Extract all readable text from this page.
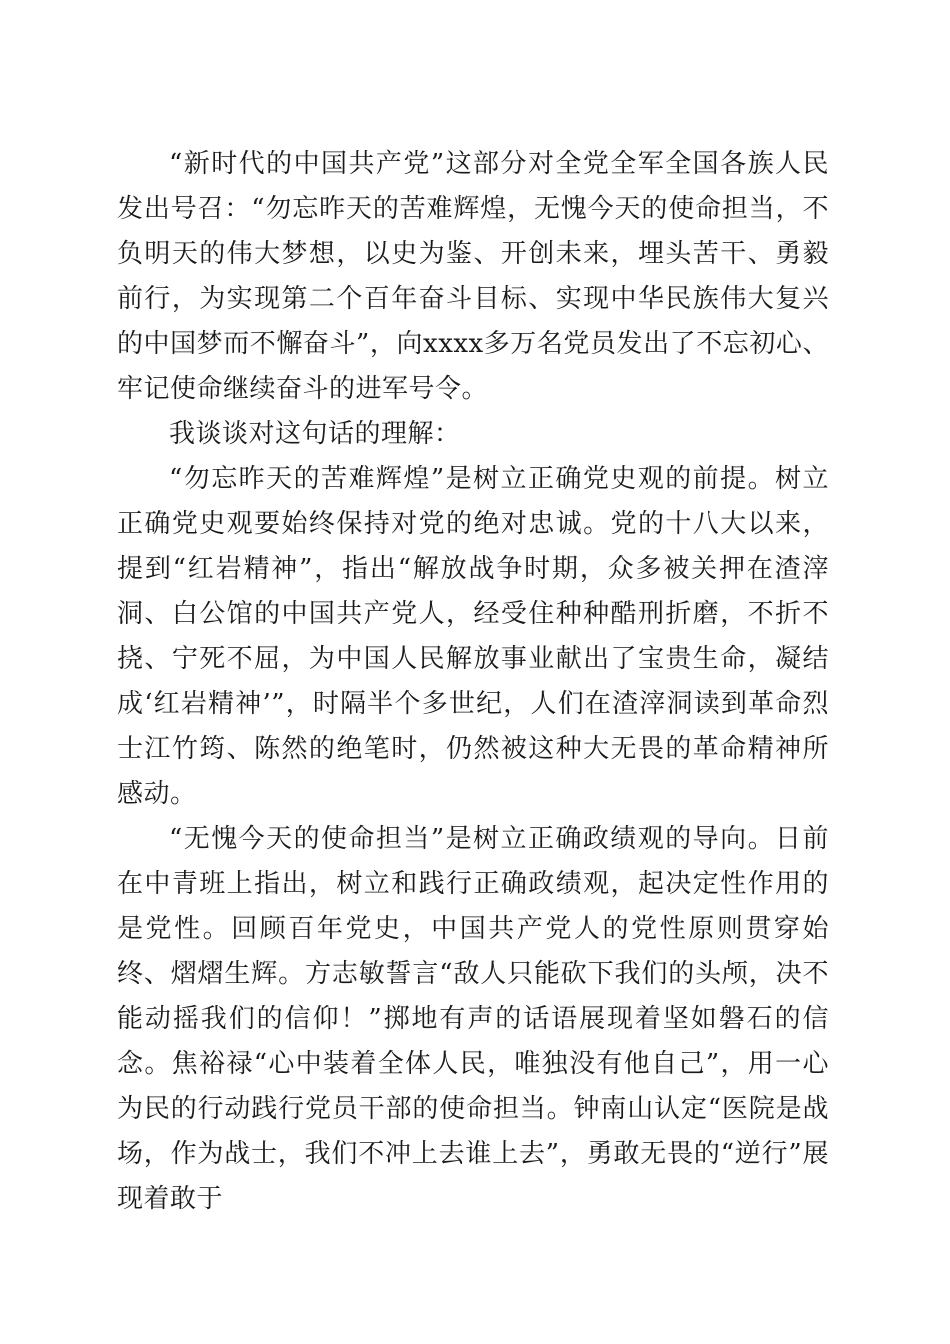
“新时代的中国共产党”这部分对全党全军全国各族人民发出号召：“勿忘昨天的苦难辉煌，无愧今天的使命担当，不负明天的伟大梦想，以史为鉴、开创未来，埋头苦干、勇毅前行，为实现第二个百年奋斗目标、实现中华民族伟大复兴的中国梦而不懈奋斗”，向xxxx多万名党员发出了不忘初心、牢记使命继续奋斗的进军号令。

我谈谈对这句话的理解：

“勿忘昨天的苦难辉煌”是树立正确党史观的前提。树立正确党史观要始终保持对党的绝对忠诚。党的十八大以来，提到“红岩精神”，指出“解放战争时期，众多被关押在渣滓洞、白公馆的中国共产党人，经受住种种酷刑折磨，不折不挠、宁死不屈，为中国人民解放事业献出了宝贵生命，凝结成‘红岩精神’”，时隔半个多世纪，人们在渣滓洞读到革命烈士江竹筠、陈然的绝笔时，仍然被这种大无畏的革命精神所感动。

“无愧今天的使命担当”是树立正确政绩观的导向。日前在中青班上指出，树立和践行正确政绩观，起决定性作用的是党性。回顾百年党史，中国共产党人的党性原则贯穿始终、熠熠生辉。方志敏誓言“敌人只能砍下我们的头颅，决不能动摇我们的信仰！”掷地有声的话语展现着坚如磐石的信念。焦裕禄“心中装着全体人民，唯独没有他自己”，用一心为民的行动践行党员干部的使命担当。钟南山认定“医院是战场，作为战士，我们不冲上去谁上去”，勇敢无畏的“逆行”展现着敢于
